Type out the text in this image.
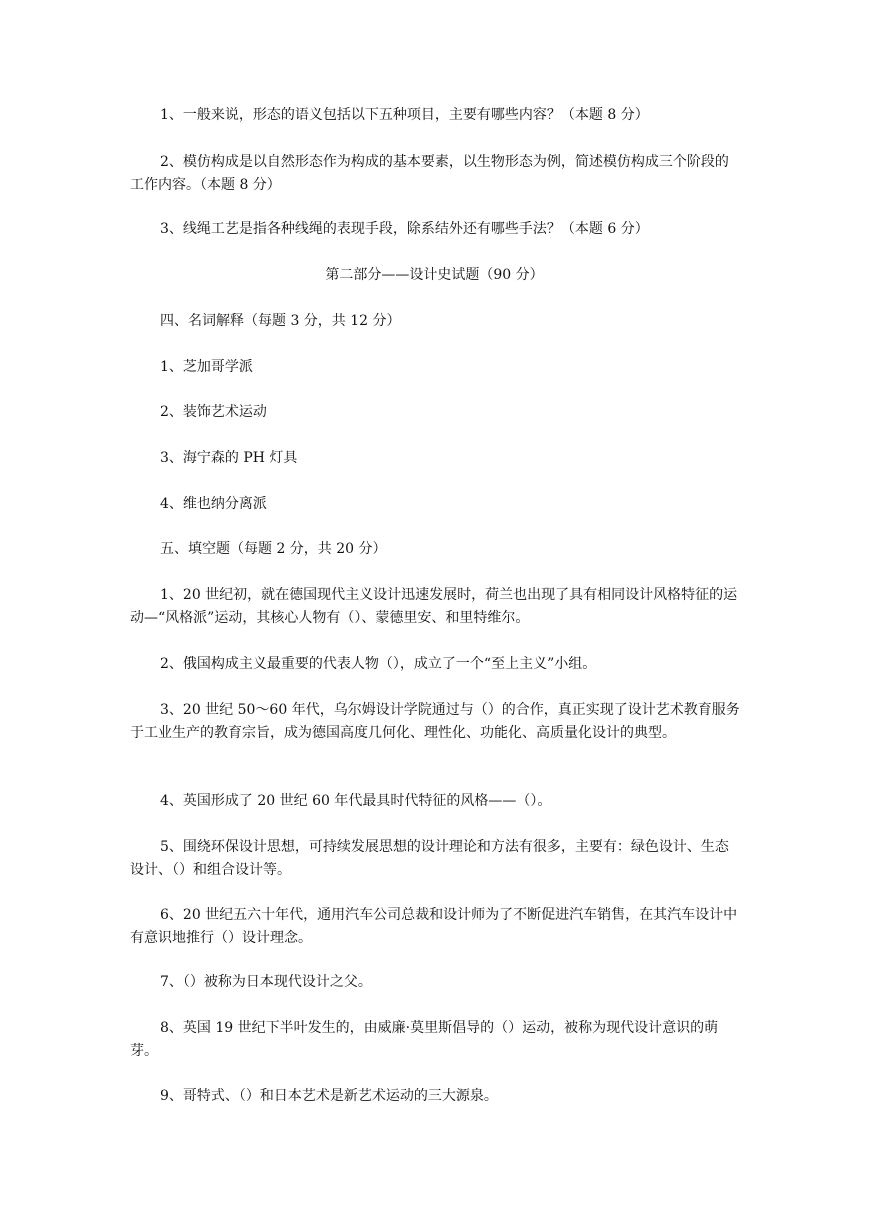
1、一般来说，形态的语义包括以下五种项目，主要有哪些内容？（本题 8 分）

2、模仿构成是以自然形态作为构成的基本要素，以生物形态为例，简述模仿构成三个阶段的工作内容。（本题 8 分）

3、线绳工艺是指各种线绳的表现手段，除系结外还有哪些手法？（本题 6 分）

第二部分——设计史试题（90 分）

四、名词解释（每题 3 分，共 12 分）

1、芝加哥学派

2、装饰艺术运动

3、海宁森的 PH 灯具

4、维也纳分离派

五、填空题（每题 2 分，共 20 分）

1、20 世纪初，就在德国现代主义设计迅速发展时，荷兰也出现了具有相同设计风格特征的运动—“风格派”运动，其核心人物有（）、蒙德里安、和里特维尔。

2、俄国构成主义最重要的代表人物（），成立了一个“至上主义”小组。

3、20 世纪 50～60 年代，乌尔姆设计学院通过与（）的合作，真正实现了设计艺术教育服务于工业生产的教育宗旨，成为德国高度几何化、理性化、功能化、高质量化设计的典型。

4、英国形成了 20 世纪 60 年代最具时代特征的风格——（）。

5、围绕环保设计思想，可持续发展思想的设计理论和方法有很多，主要有：绿色设计、生态设计、（）和组合设计等。

6、20 世纪五六十年代，通用汽车公司总裁和设计师为了不断促进汽车销售，在其汽车设计中有意识地推行（）设计理念。

7、（）被称为日本现代设计之父。

8、英国 19 世纪下半叶发生的，由威廉·莫里斯倡导的（）运动，被称为现代设计意识的萌芽。

9、哥特式、（）和日本艺术是新艺术运动的三大源泉。
